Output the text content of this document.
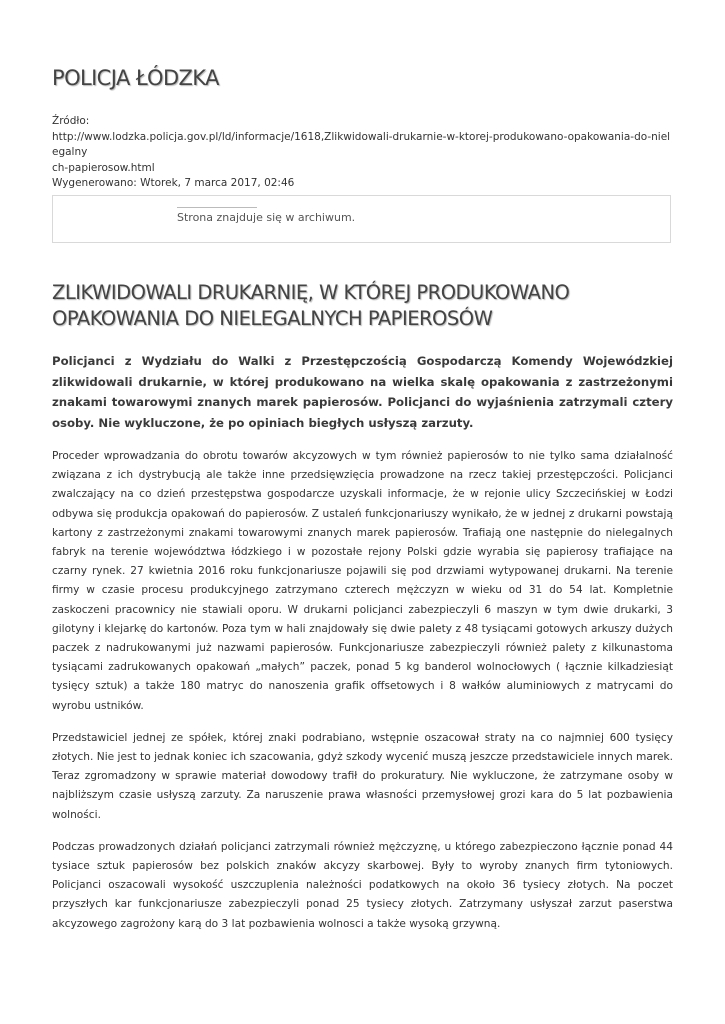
POLICJA ŁÓDZKA
Źródło:
http://www.lodzka.policja.gov.pl/ld/informacje/1618,Zlikwidowali-drukarnie-w-ktorej-produkowano-opakowania-do-nielegalny
ch-papierosow.html
Wygenerowano: Wtorek, 7 marca 2017, 02:46
Strona znajduje się w archiwum.
ZLIKWIDOWALI DRUKARNIĘ, W KTÓREJ PRODUKOWANO OPAKOWANIA DO NIELEGALNYCH PAPIEROSÓW

Policjanci z Wydziału do Walki z Przestępczością Gospodarczą Komendy Wojewódzkiej zlikwidowali drukarnie, w której produkowano na wielka skalę opakowania z zastrzeżonymi znakami towarowymi znanych marek papierosów. Policjanci do wyjaśnienia zatrzymali cztery osoby. Nie wykluczone, że po opiniach biegłych usłyszą zarzuty.

Proceder wprowadzania do obrotu towarów akcyzowych w tym również papierosów to nie tylko sama działalność związana z ich dystrybucją ale także inne przedsięwzięcia prowadzone na rzecz takiej przestępczości. Policjanci zwalczający na co dzień przestępstwa gospodarcze uzyskali informacje, że w rejonie ulicy Szczecińskiej w Łodzi odbywa się produkcja opakowań do papierosów. Z ustaleń funkcjonariuszy wynikało, że w jednej z drukarni powstają kartony z zastrzeżonymi znakami towarowymi znanych marek papierosów. Trafiają one następnie do nielegalnych fabryk na terenie województwa łódzkiego i w pozostałe rejony Polski gdzie wyrabia się papierosy trafiające na czarny rynek. 27 kwietnia 2016 roku funkcjonariusze pojawili się pod drzwiami wytypowanej drukarni. Na terenie firmy w czasie procesu produkcyjnego zatrzymano czterech mężczyzn w wieku od 31 do 54 lat. Kompletnie zaskoczeni pracownicy nie stawiali oporu. W drukarni policjanci zabezpieczyli 6 maszyn w tym dwie drukarki, 3 gilotyny i klejarkę do kartonów. Poza tym w hali znajdowały się dwie palety z 48 tysiącami gotowych arkuszy dużych paczek z nadrukowanymi już nazwami papierosów. Funkcjonariusze zabezpieczyli również palety z kilkunastoma tysiącami zadrukowanych opakowań „małych” paczek, ponad 5 kg banderol wolnocłowych ( łącznie kilkadziesiąt tysięcy sztuk) a także 180 matryc do nanoszenia grafik offsetowych i 8 wałków aluminiowych z matrycami do wyrobu ustników.

Przedstawiciel jednej ze spółek, której znaki podrabiano, wstępnie oszacował straty na co najmniej 600 tysięcy złotych. Nie jest to jednak koniec ich szacowania, gdyż szkody wycenić muszą jeszcze przedstawiciele innych marek. Teraz zgromadzony w sprawie materiał dowodowy trafił do prokuratury. Nie wykluczone, że zatrzymane osoby w najbliższym czasie usłyszą zarzuty. Za naruszenie prawa własności przemysłowej grozi kara do 5 lat pozbawienia wolności.

Podczas prowadzonych działań policjanci zatrzymali również mężczyznę, u którego zabezpieczono łącznie ponad 44 tysiace sztuk papierosów bez polskich znaków akcyzy skarbowej. Były to wyroby znanych firm tytoniowych. Policjanci oszacowali wysokość uszczuplenia należności podatkowych na około 36 tysiecy złotych. Na poczet przyszłych kar funkcjonariusze zabezpieczyli ponad 25 tysiecy złotych. Zatrzymany usłyszał zarzut paserstwa akcyzowego zagrożony karą do 3 lat pozbawienia wolnosci a także wysoką grzywną.
